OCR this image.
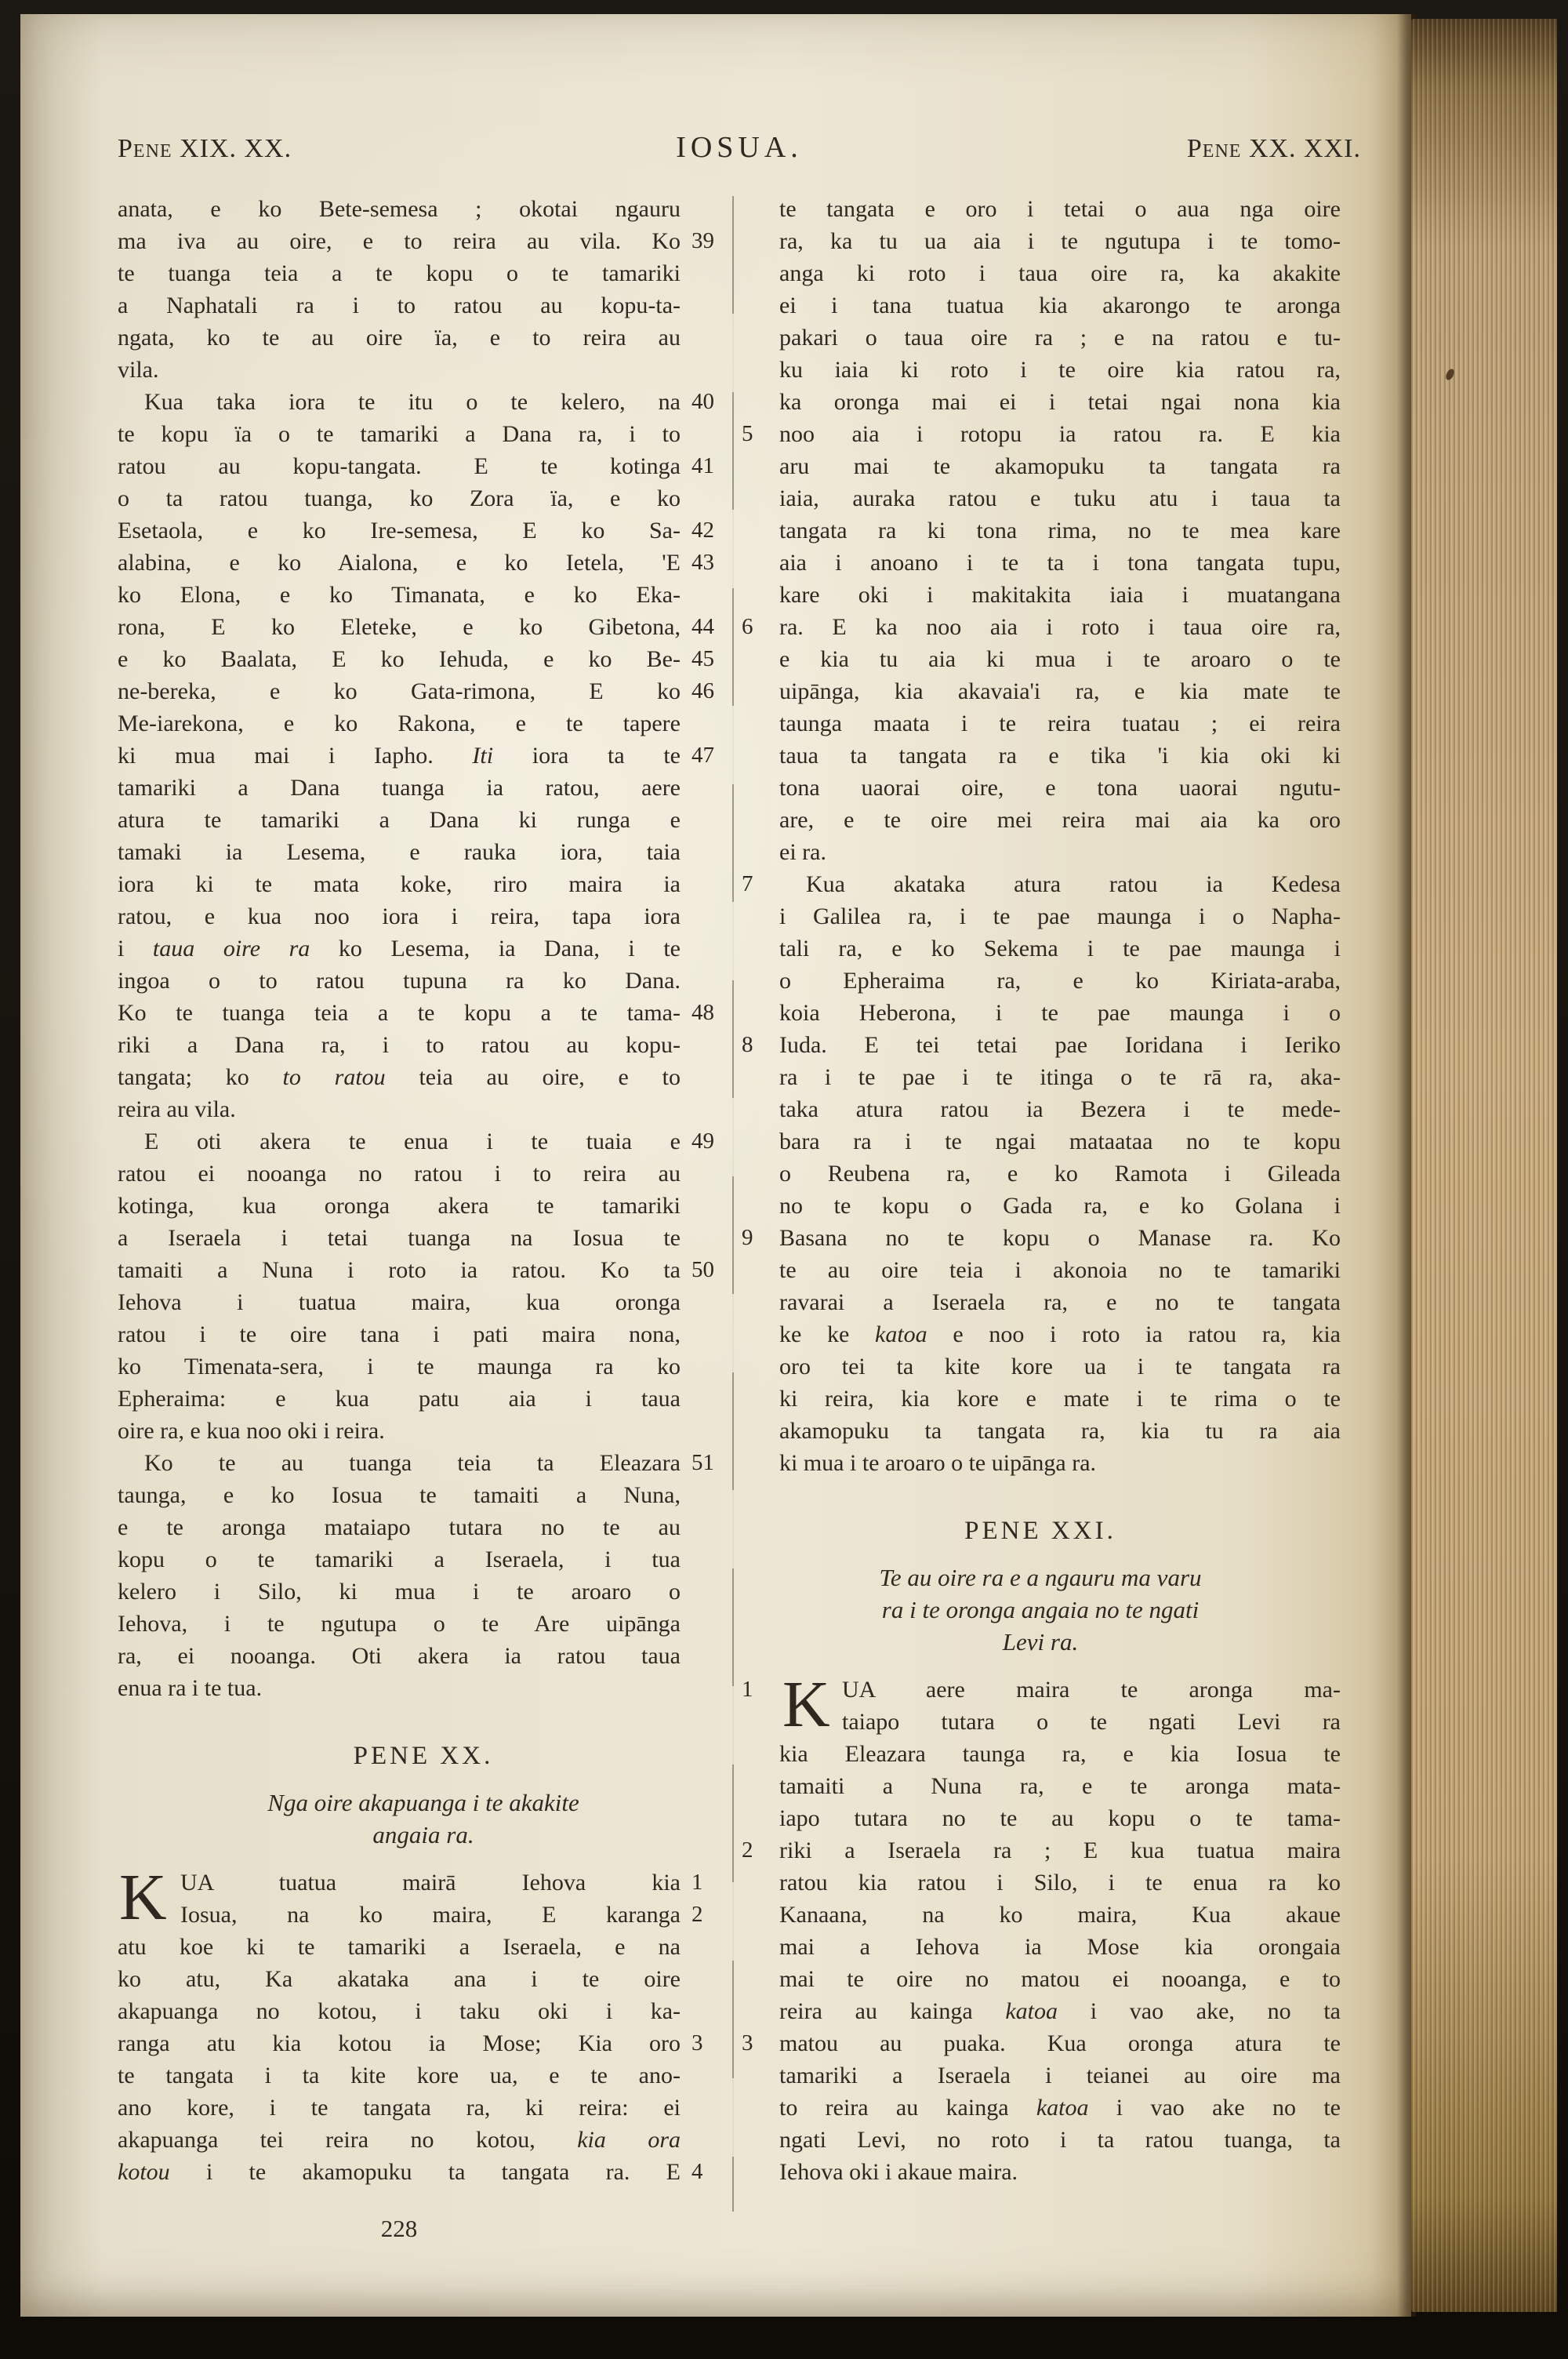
Pene XIX. XX.	IOSUA.	Pene XX. XXI.
anata, e ko Bete-semesa ; okotai ngauru
ma iva au oire, e to reira au vila. Ko 39
te tuanga teia a te kopu o te tamariki
a Naphatali ra i to ratou au kopu-ta-
ngata, ko te au oire ïa, e to reira au
vila.
Kua taka iora te itu o te kelero, na 40
te kopu ïa o te tamariki a Dana ra, i to
ratou au kopu-tangata. E te kotinga 41
o ta ratou tuanga, ko Zora ïa, e ko
Esetaola, e ko Ire-semesa, E ko Sa- 42
alabina, e ko Aialona, e ko Ietela, 'E 43
ko Elona, e ko Timanata, e ko Eka-
rona, E ko Eleteke, e ko Gibetona, 44
e ko Baalata, E ko Iehuda, e ko Be- 45
ne-bereka, e ko Gata-rimona, E ko 46
Me-iarekona, e ko Rakona, e te tapere
ki mua mai i Iapho. Iti iora ta te 47
tamariki a Dana tuanga ia ratou, aere
atura te tamariki a Dana ki runga e
tamaki ia Lesema, e rauka iora, taia
iora ki te mata koke, riro maira ia
ratou, e kua noo iora i reira, tapa iora
i taua oire ra ko Lesema, ia Dana, i te
ingoa o to ratou tupuna ra ko Dana.
Ko te tuanga teia a te kopu a te tama- 48
riki a Dana ra, i to ratou au kopu-
tangata; ko to ratou teia au oire, e to
reira au vila.
E oti akera te enua i te tuaia e 49
ratou ei nooanga no ratou i to reira au
kotinga, kua oronga akera te tamariki
a Iseraela i tetai tuanga na Iosua te
tamaiti a Nuna i roto ia ratou. Ko ta 50
Iehova i tuatua maira, kua oronga
ratou i te oire tana i pati maira nona,
ko Timenata-sera, i te maunga ra ko
Epheraima: e kua patu aia i taua
oire ra, e kua noo oki i reira.
Ko te au tuanga teia ta Eleazara 51
taunga, e ko Iosua te tamaiti a Nuna,
e te aronga mataiapo tutara no te au
kopu o te tamariki a Iseraela, i tua
kelero i Silo, ki mua i te aroaro o
Iehova, i te ngutupa o te Are uipānga
ra, ei nooanga. Oti akera ia ratou taua
enua ra i te tua.
PENE XX.
Nga oire akapuanga i te akakite
angaia ra.
K UA tuatua mairā Iehova kia 1
Iosua, na ko maira, E karanga 2
atu koe ki te tamariki a Iseraela, e na
ko atu, Ka akataka ana i te oire
akapuanga no kotou, i taku oki i ka-
ranga atu kia kotou ia Mose; Kia oro 3
te tangata i ta kite kore ua, e te ano-
ano kore, i te tangata ra, ki reira: ei
akapuanga tei reira no kotou, kia ora
kotou i te akamopuku ta tangata ra. E 4
te tangata e oro i tetai o aua nga oire
ra, ka tu ua aia i te ngutupa i te tomo-
anga ki roto i taua oire ra, ka akakite
ei i tana tuatua kia akarongo te aronga
pakari o taua oire ra ; e na ratou e tu-
ku iaia ki roto i te oire kia ratou ra,
ka oronga mai ei i tetai ngai nona kia
5	noo aia i rotopu ia ratou ra. E kia
aru mai te akamopuku ta tangata ra
iaia, auraka ratou e tuku atu i taua ta
tangata ra ki tona rima, no te mea kare
aia i anoano i te ta i tona tangata tupu,
kare oki i makitakita iaia i muatangana
6	ra. E ka noo aia i roto i taua oire ra,
e kia tu aia ki mua i te aroaro o te
uipānga, kia akavaia'i ra, e kia mate te
taunga maata i te reira tuatau ; ei reira
taua ta tangata ra e tika 'i kia oki ki
tona uaorai oire, e tona uaorai ngutu-
are, e te oire mei reira mai aia ka oro
ei ra.
7	Kua akataka atura ratou ia Kedesa
i Galilea ra, i te pae maunga i o Napha-
tali ra, e ko Sekema i te pae maunga i
o Epheraima ra, e ko Kiriata-araba,
koia Heberona, i te pae maunga i o
8	Iuda. E tei tetai pae Ioridana i Ieriko
ra i te pae i te itinga o te rā ra, aka-
taka atura ratou ia Bezera i te mede-
bara ra i te ngai mataataa no te kopu
o Reubena ra, e ko Ramota i Gileada
no te kopu o Gada ra, e ko Golana i
9	Basana no te kopu o Manase ra. Ko
te au oire teia i akonoia no te tamariki
ravarai a Iseraela ra, e no te tangata
ke ke katoa e noo i roto ia ratou ra, kia
oro tei ta kite kore ua i te tangata ra
ki reira, kia kore e mate i te rima o te
akamopuku ta tangata ra, kia tu ra aia
ki mua i te aroaro o te uipānga ra.
PENE XXI.
Te au oire ra e a ngauru ma varu
ra i te oronga angaia no te ngati
Levi ra.
K
1	UA aere maira te aronga ma-
taiapo tutara o te ngati Levi ra
kia Eleazara taunga ra, e kia Iosua te
tamaiti a Nuna ra, e te aronga mata-
iapo tutara no te au kopu o te tama-
2	riki a Iseraela ra ; E kua tuatua maira
ratou kia ratou i Silo, i te enua ra ko
Kanaana, na ko maira, Kua akaue
mai a Iehova ia Mose kia orongaia
mai te oire no matou ei nooanga, e to
reira au kainga katoa i vao ake, no ta
3	matou au puaka. Kua oronga atura te
tamariki a Iseraela i teianei au oire ma
to reira au kainga katoa i vao ake no te
ngati Levi, no roto i ta ratou tuanga, ta
Iehova oki i akaue maira.
228
